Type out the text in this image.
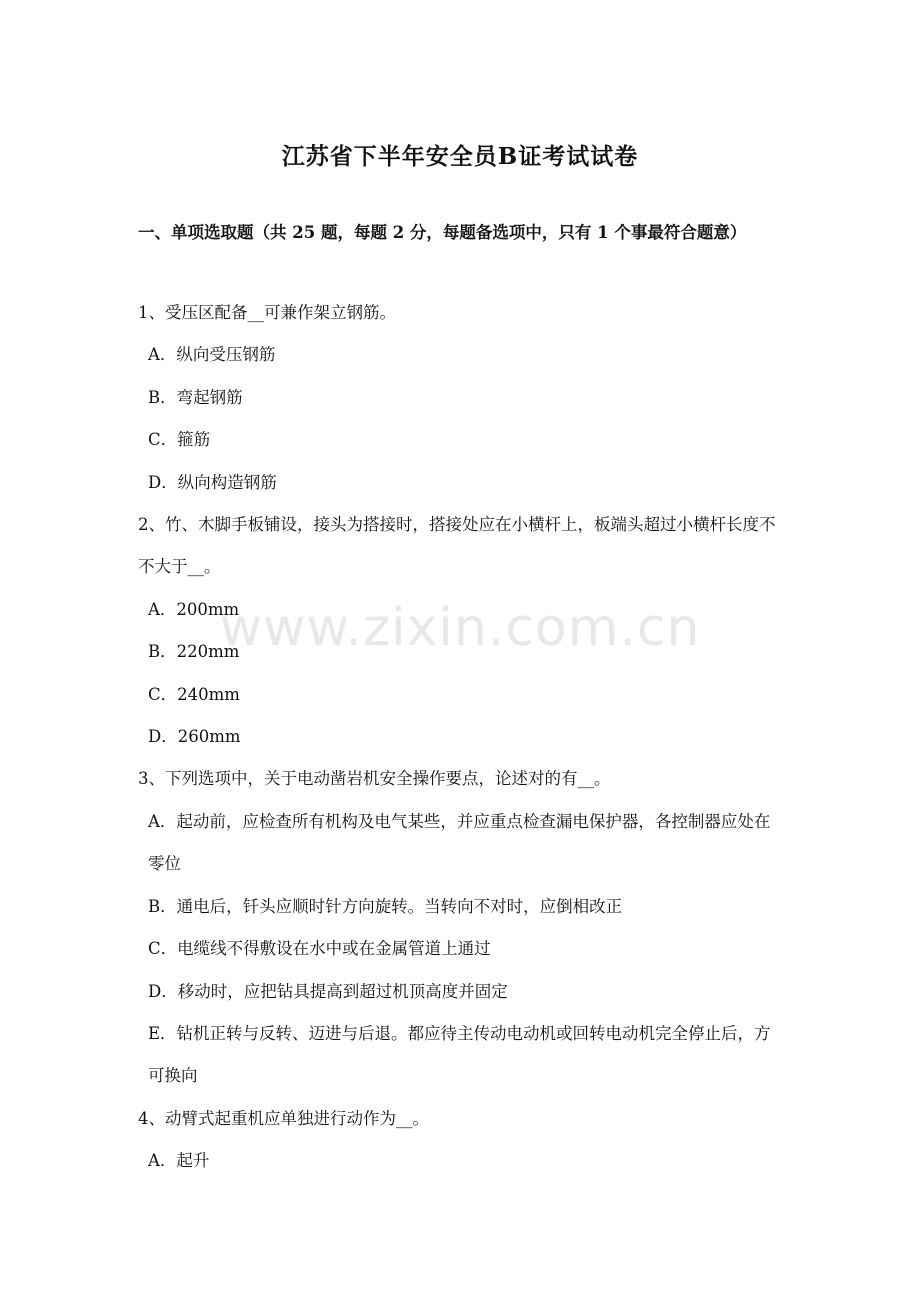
江苏省下半年安全员B证考试试卷
一、单项选取题（共 25 题，每题 2 分，每题备选项中，只有 1 个事最符合题意）

1、受压区配备__可兼作架立钢筋。

A．纵向受压钢筋

B．弯起钢筋

C．箍筋

D．纵向构造钢筋

2、竹、木脚手板铺设，接头为搭接时，搭接处应在小横杆上，板端头超过小横杆长度不不大于__。

A．200mm

B．220mm

C．240mm

D．260mm

3、下列选项中，关于电动凿岩机安全操作要点，论述对的有__。

A．起动前，应检查所有机构及电气某些，并应重点检查漏电保护器，各控制器应处在零位

B．通电后，钎头应顺时针方向旋转。当转向不对时，应倒相改正

C．电缆线不得敷设在水中或在金属管道上通过

D．移动时，应把钻具提高到超过机顶高度并固定

E．钻机正转与反转、迈进与后退。都应待主传动电动机或回转电动机完全停止后，方可换向

4、动臂式起重机应单独进行动作为__。

A．起升

www.zixin.com.cn
